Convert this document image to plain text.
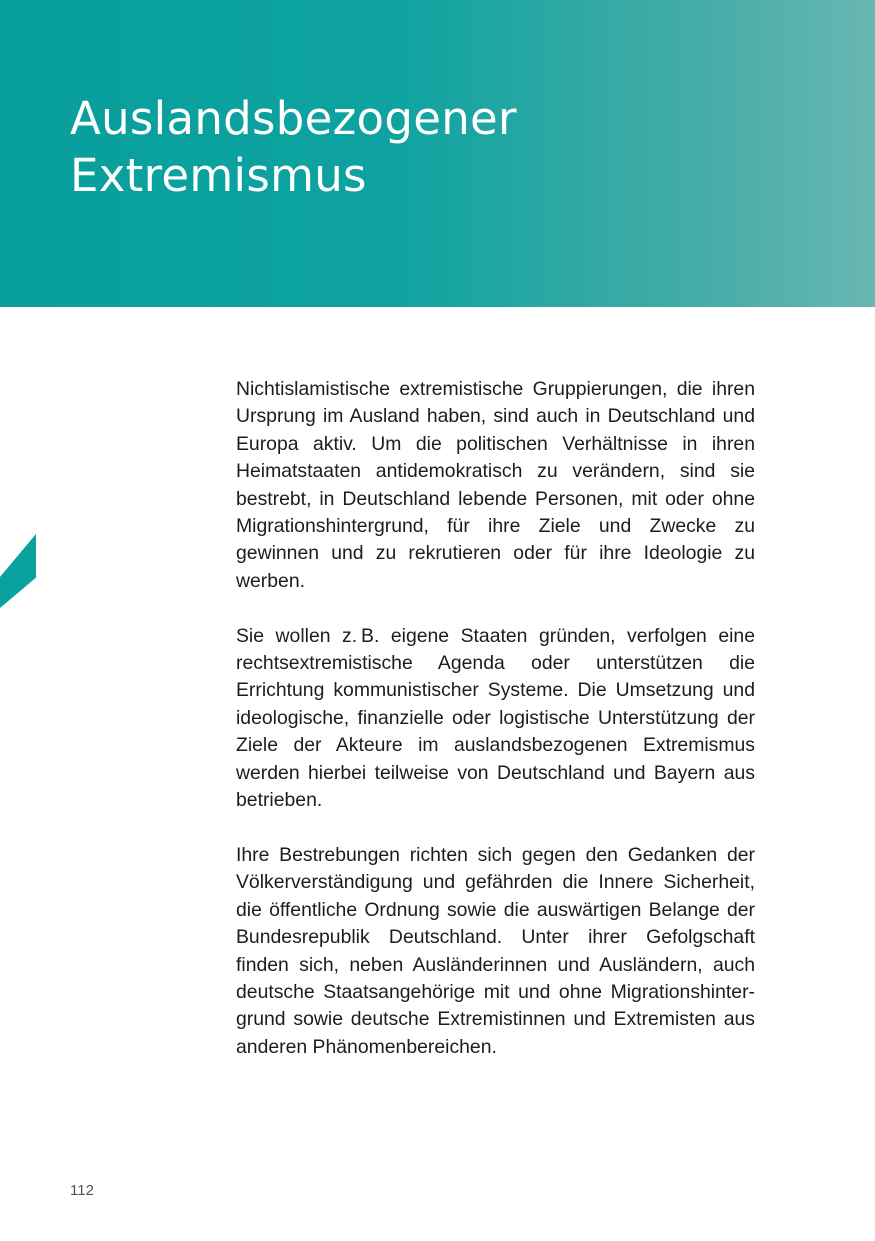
Auslandsbezogener
Extremismus

Nichtislamistische extremistische Gruppierungen, die ihren Ursprung im Ausland haben, sind auch in Deutschland und Europa aktiv. Um die politischen Verhältnisse in ihren Heimatstaaten antidemokratisch zu verändern, sind sie bestrebt, in Deutschland lebende Personen, mit oder ohne Migrationshintergrund, für ihre Ziele und Zwecke zu gewinnen und zu rekrutieren oder für ihre Ideologie zu werben.

Sie wollen z. B. eigene Staaten gründen, verfolgen eine rechtsextremistische Agenda oder unterstützen die Errichtung kommunistischer Systeme. Die Umsetzung und ideologische, finanzielle oder logistische Unterstützung der Ziele der Akteure im auslandsbezogenen Extremismus werden hierbei teilweise von Deutschland und Bayern aus betrieben.

Ihre Bestrebungen richten sich gegen den Gedanken der Völkerverständigung und gefährden die Innere Sicherheit, die öffentliche Ordnung sowie die auswärtigen Belange der Bundesrepublik Deutschland. Unter ihrer Gefolgschaft finden sich, neben Ausländerinnen und Ausländern, auch deutsche Staatsangehörige mit und ohne Migrationshintergrund sowie deutsche Extremistinnen und Extremisten aus anderen Phänomenbereichen.

112
